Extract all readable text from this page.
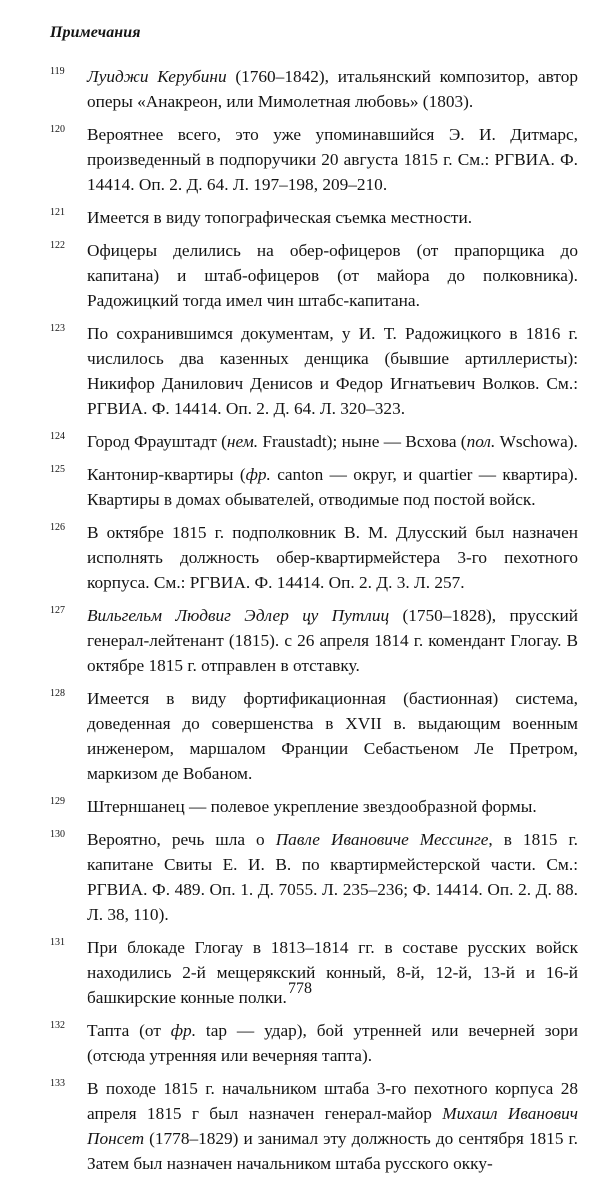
Примечания
119 Луиджи Керубини (1760–1842), итальянский композитор, автор оперы «Анакреон, или Мимолетная любовь» (1803).
120 Вероятнее всего, это уже упоминавшийся Э. И. Дитмарс, произведенный в подпоручики 20 августа 1815 г. См.: РГВИА. Ф. 14414. Оп. 2. Д. 64. Л. 197–198, 209–210.
121 Имеется в виду топографическая съемка местности.
122 Офицеры делились на обер-офицеров (от прапорщика до капитана) и штаб-офицеров (от майора до полковника). Радожицкий тогда имел чин штабс-капитана.
123 По сохранившимся документам, у И. Т. Радожицкого в 1816 г. числилось два казенных денщика (бывшие артиллеристы): Никифор Данилович Денисов и Федор Игнатьевич Волков. См.: РГВИА. Ф. 14414. Оп. 2. Д. 64. Л. 320–323.
124 Город Фрауштадт (нем. Fraustadt); ныне — Всхова (пол. Wschowa).
125 Кантонир-квартиры (фр. canton — округ, и quartier — квартира). Квартиры в домах обывателей, отводимые под постой войск.
126 В октябре 1815 г. подполковник В. М. Длусский был назначен исполнять должность обер-квартирмейстера 3-го пехотного корпуса. См.: РГВИА. Ф. 14414. Оп. 2. Д. 3. Л. 257.
127 Вильгельм Людвиг Эдлер цу Путлиц (1750–1828), прусский генерал-лейтенант (1815). с 26 апреля 1814 г. комендант Глогау. В октябре 1815 г. отправлен в отставку.
128 Имеется в виду фортификационная (бастионная) система, доведенная до совершенства в XVII в. выдающим военным инженером, маршалом Франции Себастьеном Ле Претром, маркизом де Вобаном.
129 Штерншанец — полевое укрепление звездообразной формы.
130 Вероятно, речь шла о Павле Ивановиче Мессинге, в 1815 г. капитане Свиты Е. И. В. по квартирмейстерской части. См.: РГВИА. Ф. 489. Оп. 1. Д. 7055. Л. 235–236; Ф. 14414. Оп. 2. Д. 88. Л. 38, 110).
131 При блокаде Глогау в 1813–1814 гг. в составе русских войск находились 2-й мещерякский конный, 8-й, 12-й, 13-й и 16-й башкирские конные полки.
132 Тапта (от фр. tap — удар), бой утренней или вечерней зори (отсюда утренняя или вечерняя тапта).
133 В походе 1815 г. начальником штаба 3-го пехотного корпуса 28 апреля 1815 г был назначен генерал-майор Михаил Иванович Понсет (1778–1829) и занимал эту должность до сентября 1815 г. Затем был назначен начальником штаба русского окку-
778
